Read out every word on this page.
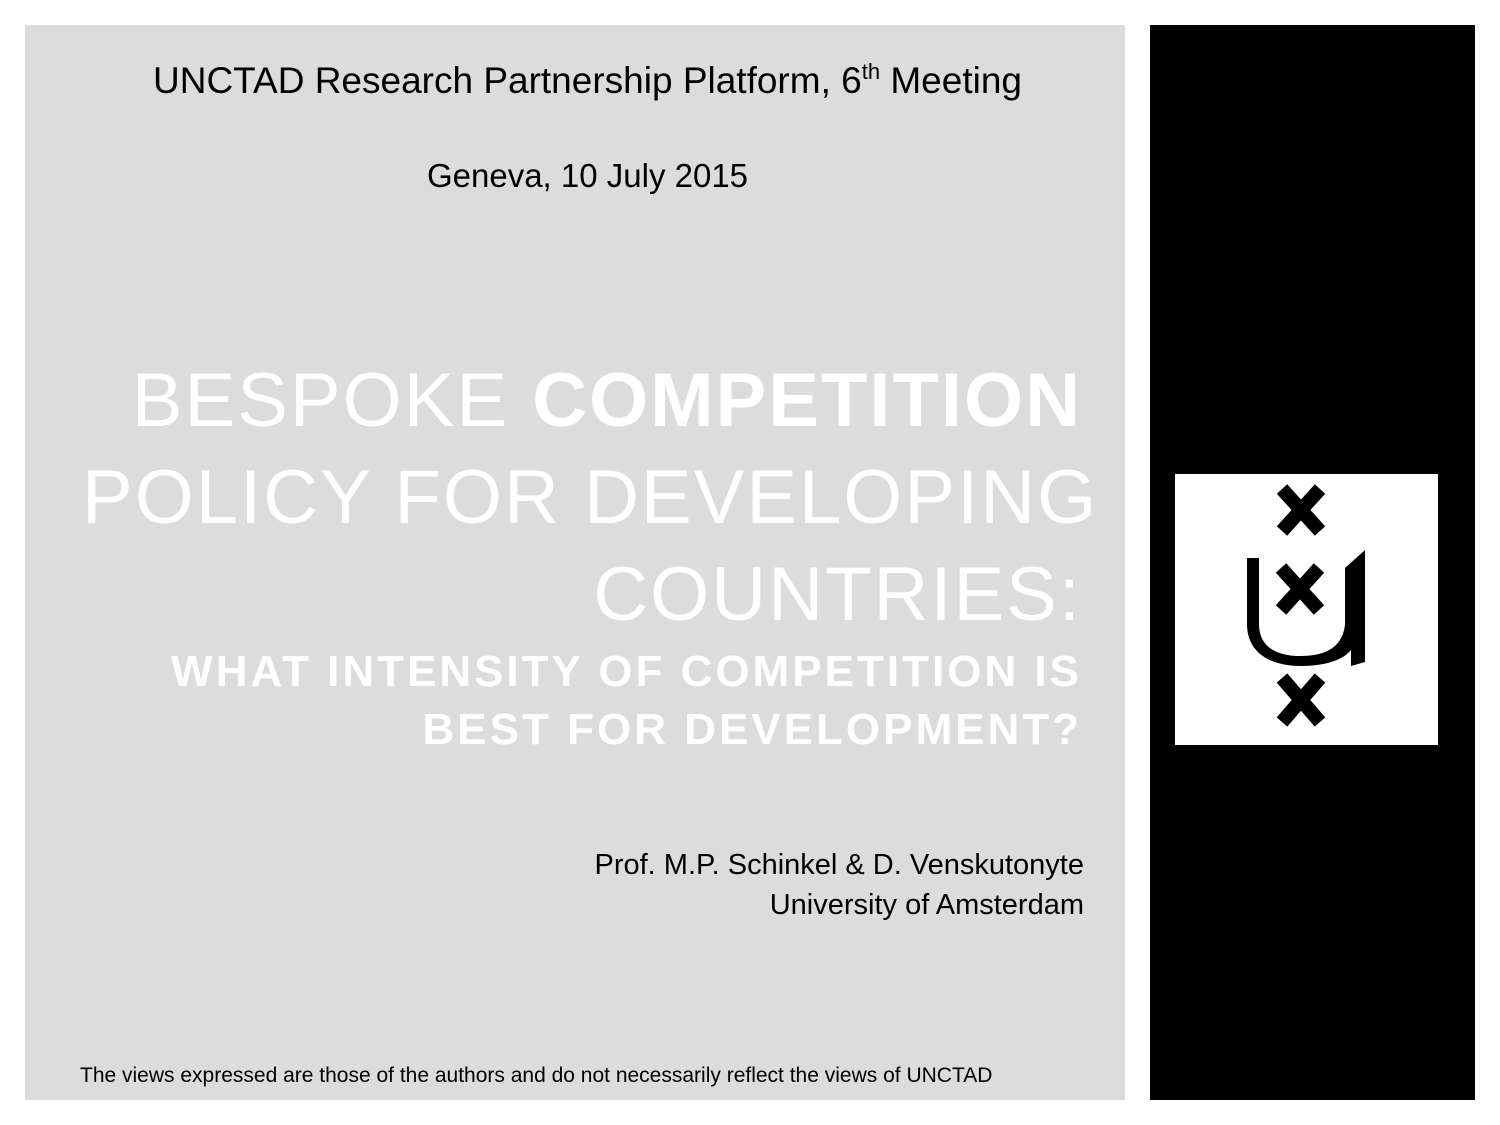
UNCTAD Research Partnership Platform, 6th Meeting
Geneva, 10 July 2015
BESPOKE COMPETITION
POLICY FOR DEVELOPING
COUNTRIES:
WHAT INTENSITY OF COMPETITION IS
BEST FOR DEVELOPMENT?
Prof. M.P. Schinkel & D. Venskutonyte
University of Amsterdam
The views expressed are those of the authors and do not necessarily reflect the views of UNCTAD
